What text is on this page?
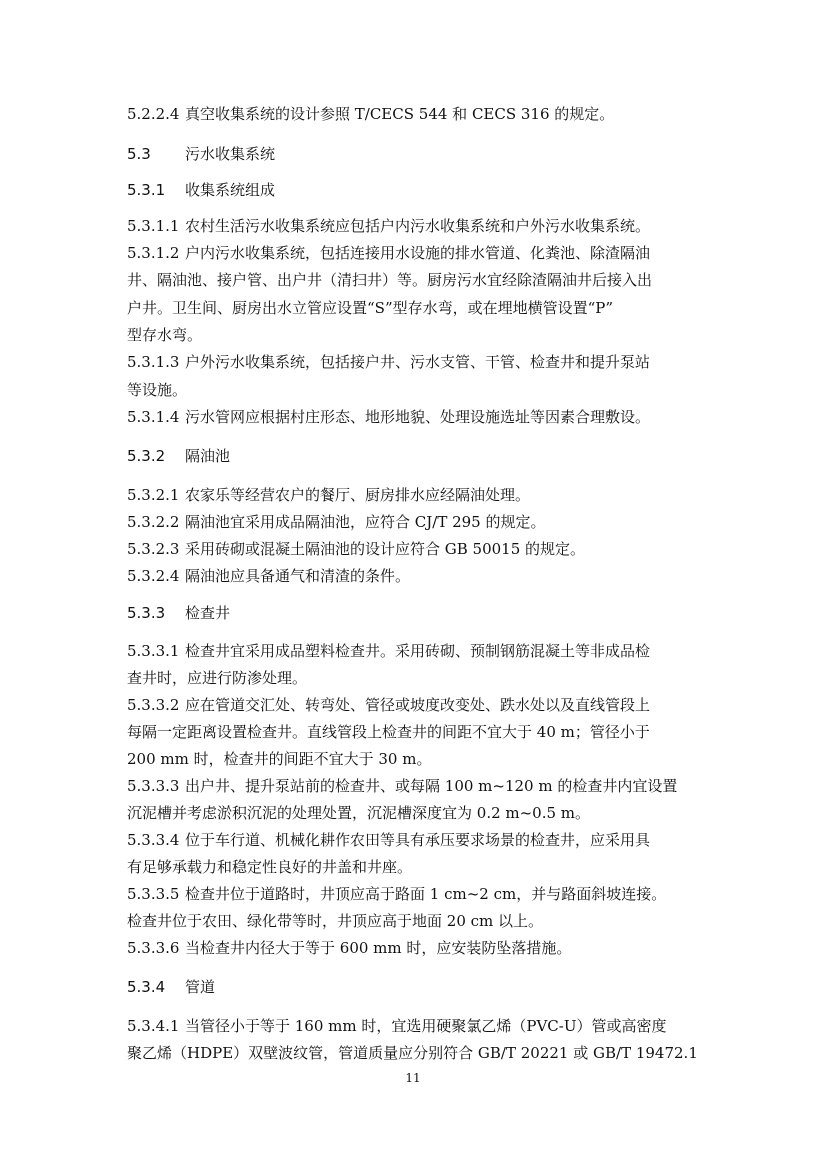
5.2.2.4 真空收集系统的设计参照 T/CECS 544 和 CECS 316 的规定。
5.3 污水收集系统
5.3.1 收集系统组成
5.3.1.1 农村生活污水收集系统应包括户内污水收集系统和户外污水收集系统。
5.3.1.2 户内污水收集系统，包括连接用水设施的排水管道、化粪池、除渣隔油
井、隔油池、接户管、出户井（清扫井）等。厨房污水宜经除渣隔油井后接入出
户井。卫生间、厨房出水立管应设置“S”型存水弯，或在埋地横管设置“P”
型存水弯。
5.3.1.3 户外污水收集系统，包括接户井、污水支管、干管、检查井和提升泵站
等设施。
5.3.1.4 污水管网应根据村庄形态、地形地貌、处理设施选址等因素合理敷设。
5.3.2 隔油池
5.3.2.1 农家乐等经营农户的餐厅、厨房排水应经隔油处理。
5.3.2.2 隔油池宜采用成品隔油池，应符合 CJ/T 295 的规定。
5.3.2.3 采用砖砌或混凝土隔油池的设计应符合 GB 50015 的规定。
5.3.2.4 隔油池应具备通气和清渣的条件。
5.3.3 检查井
5.3.3.1 检查井宜采用成品塑料检查井。采用砖砌、预制钢筋混凝土等非成品检
查井时，应进行防渗处理。
5.3.3.2 应在管道交汇处、转弯处、管径或坡度改变处、跌水处以及直线管段上
每隔一定距离设置检查井。直线管段上检查井的间距不宜大于 40 m；管径小于
200 mm 时，检查井的间距不宜大于 30 m。
5.3.3.3 出户井、提升泵站前的检查井、或每隔 100 m~120 m 的检查井内宜设置
沉泥槽并考虑淤积沉泥的处理处置，沉泥槽深度宜为 0.2 m~0.5 m。
5.3.3.4 位于车行道、机械化耕作农田等具有承压要求场景的检查井，应采用具
有足够承载力和稳定性良好的井盖和井座。
5.3.3.5 检查井位于道路时，井顶应高于路面 1 cm~2 cm，并与路面斜坡连接。
检查井位于农田、绿化带等时，井顶应高于地面 20 cm 以上。
5.3.3.6 当检查井内径大于等于 600 mm 时，应安装防坠落措施。
5.3.4 管道
5.3.4.1 当管径小于等于 160 mm 时，宜选用硬聚氯乙烯（PVC-U）管或高密度
聚乙烯（HDPE）双壁波纹管，管道质量应分别符合 GB/T 20221 或 GB/T 19472.1
11
